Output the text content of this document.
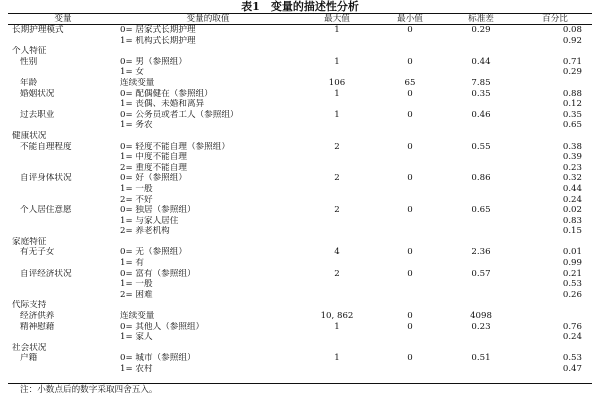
表1　变量的描述性分析
变量	变量的取值	最大值	最小值	标准差	百分比
长期护理模式	0= 居家式长期护理	1	0	0.29	0.08
	1= 机构式长期护理				0.92
个人特征					
性别	0= 男（参照组）	1	0	0.44	0.71
	1= 女				0.29
年龄	连续变量	106	65	7.85	
婚姻状况	0= 配偶健在（参照组）	1	0	0.35	0.88
	1= 丧偶、未婚和离异				0.12
过去职业	0= 公务员或者工人（参照组）	1	0	0.46	0.35
	1= 务农				0.65
健康状况					
不能自理程度	0= 轻度不能自理（参照组）	2	0	0.55	0.38
	1= 中度不能自理				0.39
	2= 重度不能自理				0.23
自评身体状况	0= 好（参照组）	2	0	0.86	0.32
	1= 一般				0.44
	2= 不好				0.24
个人居住意愿	0= 独居（参照组）	2	0	0.65	0.02
	1= 与家人居住				0.83
	2= 养老机构				0.15
家庭特征					
有无子女	0= 无（参照组）	4	0	2.36	0.01
	1= 有				0.99
自评经济状况	0= 富有（参照组）	2	0	0.57	0.21
	1= 一般				0.53
	2= 困难				0.26
代际支持					
经济供养	连续变量	10, 862	0	4098	
精神慰藉	0= 其他人（参照组）	1	0	0.23	0.76
	1= 家人				0.24
社会状况					
户籍	0= 城市（参照组）	1	0	0.51	0.53
	1= 农村				0.47
注：小数点后的数字采取四舍五入。
